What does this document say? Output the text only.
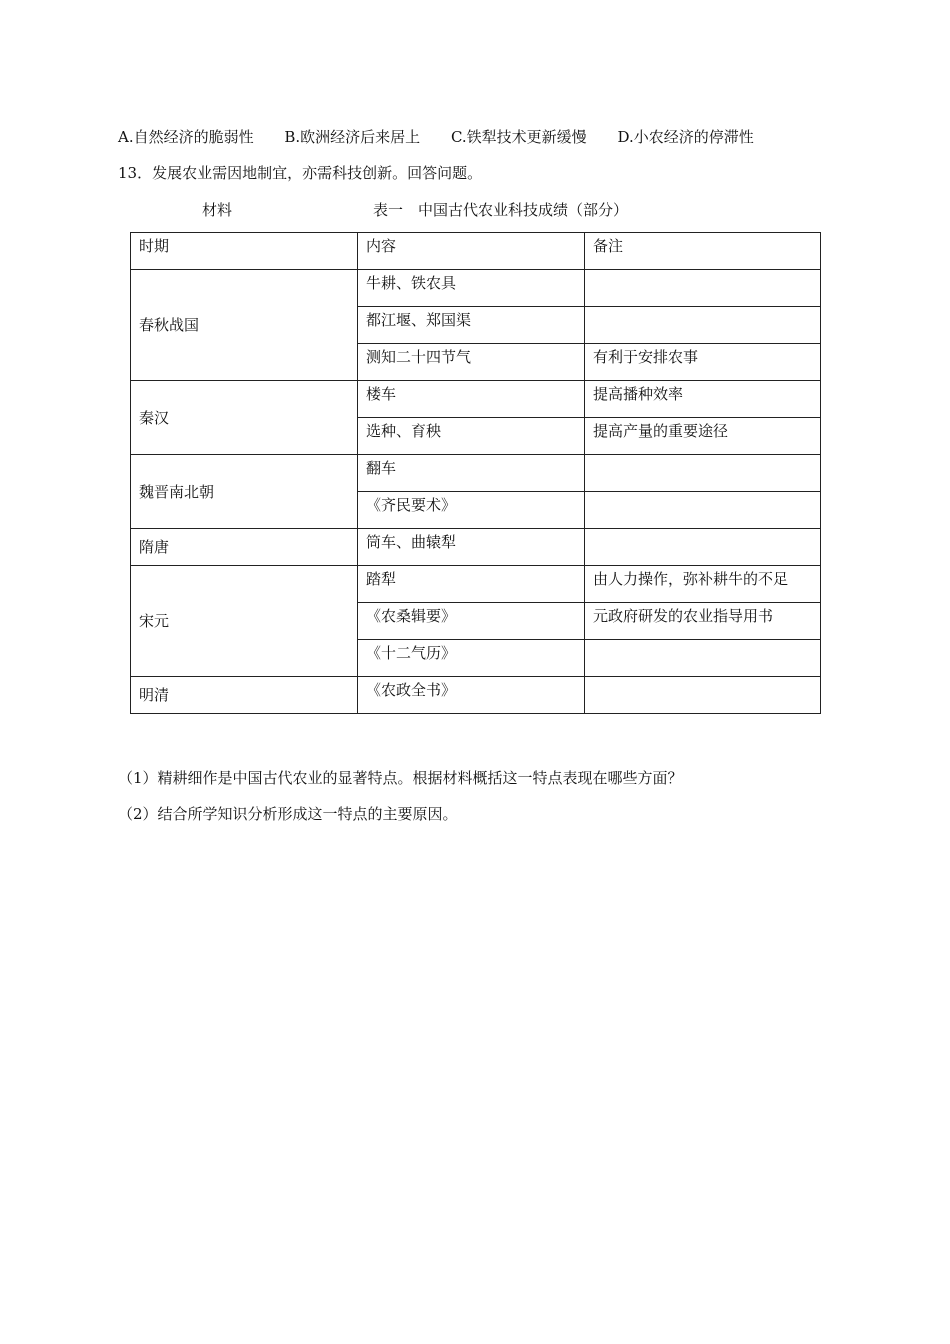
A.自然经济的脆弱性 B.欧洲经济后来居上 C.铁犁技术更新缓慢 D.小农经济的停滞性
13．发展农业需因地制宜，亦需科技创新。回答问题。
材料	表一　中国古代农业科技成绩（部分）
时期	内容	备注
春秋战国	牛耕、铁农具	
	都江堰、郑国渠	
	测知二十四节气	有利于安排农事
秦汉	楼车	提高播种效率
	选种、育秧	提高产量的重要途径
魏晋南北朝	翻车	
	《齐民要术》	
隋唐	筒车、曲辕犁	
宋元	踏犁	由人力操作，弥补耕牛的不足
	《农桑辑要》	元政府研发的农业指导用书
	《十二气历》	
明清	《农政全书》	
（1）精耕细作是中国古代农业的显著特点。根据材料概括这一特点表现在哪些方面？
（2）结合所学知识分析形成这一特点的主要原因。
